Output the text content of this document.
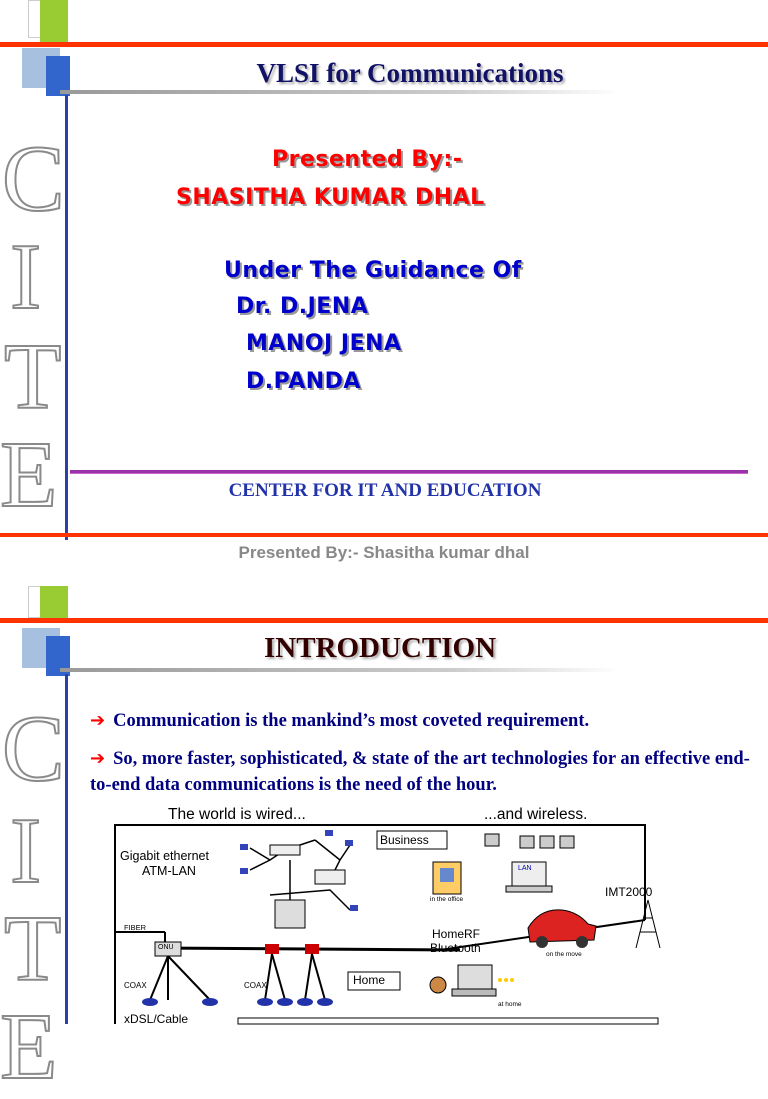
C
I
T
E
VLSI for Communications
Presented By:-
SHASITHA KUMAR DHAL
Under The Guidance Of
Dr. D.JENA
MANOJ JENA
D.PANDA
CENTER FOR IT AND EDUCATION
Presented By:- Shasitha kumar dhal
C
I
T
E
INTRODUCTION
➔ Communication is the mankind’s most coveted requirement.
➔ So, more faster, sophisticated, & state of the art technologies for an effective end-to-end data communications is the need of the hour.
The world is wired...	...and wireless.
Gigabit ethernet
ATM-LAN
Business
in the office
LAN
IMT2000
FIBER
ONU
HomeRF
Bluetooth	on the move
COAX	COAX	Home
at home
xDSL/Cable
